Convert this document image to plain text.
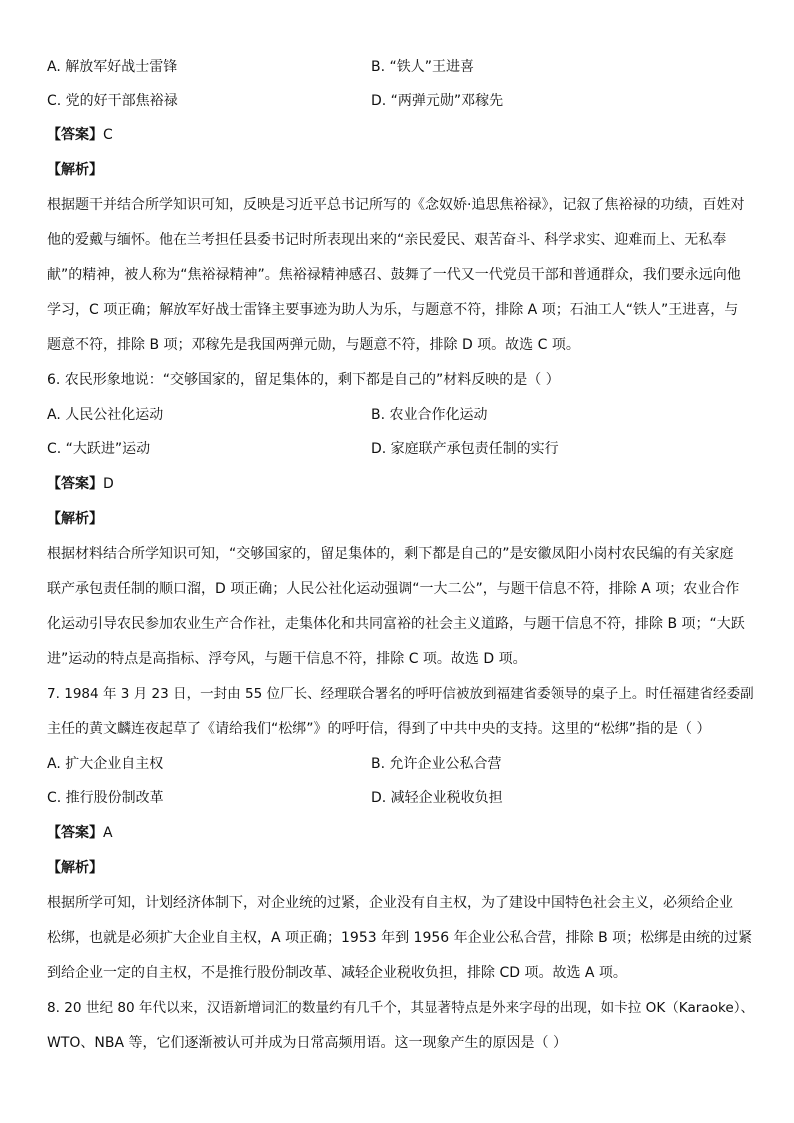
A. 解放军好战士雷锋	B. “铁人”王进喜
C. 党的好干部焦裕禄	D. “两弹元勋”邓稼先
【答案】C
【解析】
根据题干并结合所学知识可知，反映是习近平总书记所写的《念奴娇·追思焦裕禄》，记叙了焦裕禄的功绩，百姓对
他的爱戴与缅怀。他在兰考担任县委书记时所表现出来的“亲民爱民、艰苦奋斗、科学求实、迎难而上、无私奉
献”的精神，被人称为“焦裕禄精神”。焦裕禄精神感召、鼓舞了一代又一代党员干部和普通群众，我们要永远向他
学习，C 项正确；解放军好战士雷锋主要事迹为助人为乐，与题意不符，排除 A 项；石油工人“铁人”王进喜，与
题意不符，排除 B 项；邓稼先是我国两弹元勋，与题意不符，排除 D 项。故选 C 项。
6. 农民形象地说：“交够国家的，留足集体的，剩下都是自己的”材料反映的是（ ）
A. 人民公社化运动	B. 农业合作化运动
C. “大跃进”运动	D. 家庭联产承包责任制的实行
【答案】D
【解析】
根据材料结合所学知识可知，“交够国家的，留足集体的，剩下都是自己的”是安徽凤阳小岗村农民编的有关家庭
联产承包责任制的顺口溜，D 项正确；人民公社化运动强调“一大二公”，与题干信息不符，排除 A 项；农业合作
化运动引导农民参加农业生产合作社，走集体化和共同富裕的社会主义道路，与题干信息不符，排除 B 项；“大跃
进”运动的特点是高指标、浮夸风，与题干信息不符，排除 C 项。故选 D 项。
7. 1984 年 3 月 23 日，一封由 55 位厂长、经理联合署名的呼吁信被放到福建省委领导的桌子上。时任福建省经委副
主任的黄文麟连夜起草了《请给我们“松绑”》的呼吁信，得到了中共中央的支持。这里的“松绑”指的是（ ）
A. 扩大企业自主权	B. 允许企业公私合营
C. 推行股份制改革	D. 减轻企业税收负担
【答案】A
【解析】
根据所学可知，计划经济体制下，对企业统的过紧，企业没有自主权，为了建设中国特色社会主义，必须给企业
松绑，也就是必须扩大企业自主权，A 项正确；1953 年到 1956 年企业公私合营，排除 B 项；松绑是由统的过紧
到给企业一定的自主权，不是推行股份制改革、减轻企业税收负担，排除 CD 项。故选 A 项。
8. 20 世纪 80 年代以来，汉语新增词汇的数量约有几千个，其显著特点是外来字母的出现，如卡拉 OK（Karaoke）、
WTO、NBA 等，它们逐渐被认可并成为日常高频用语。这一现象产生的原因是（ ）
